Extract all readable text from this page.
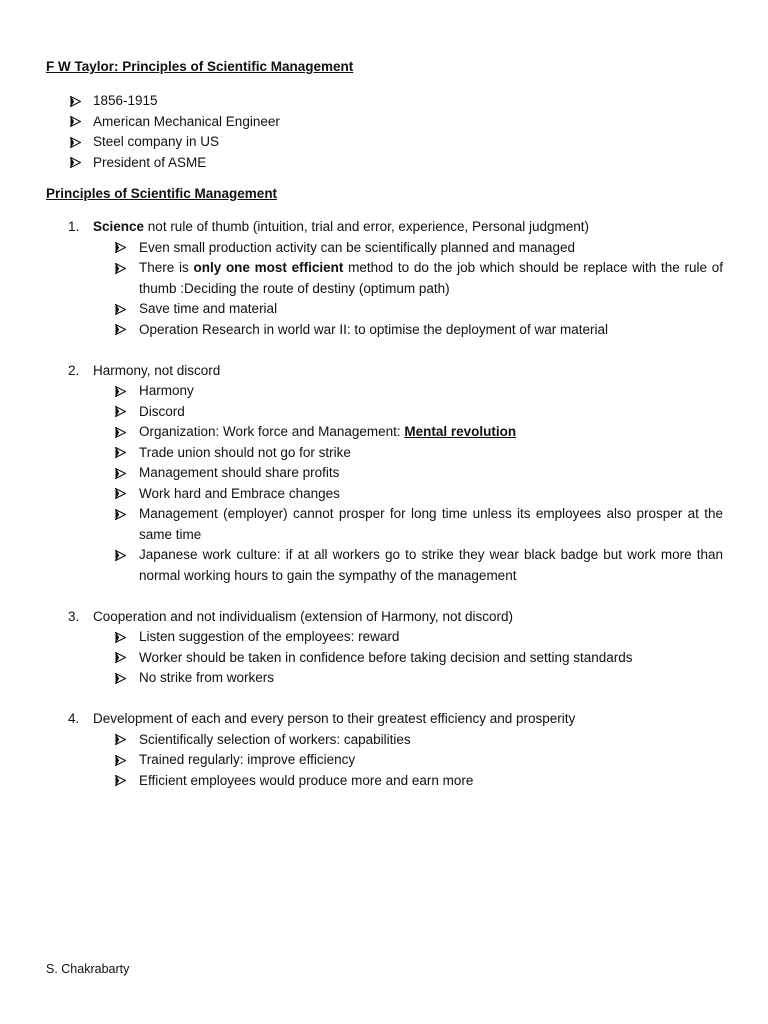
F W Taylor: Principles of Scientific Management
1856-1915
American Mechanical Engineer
Steel company in US
President of ASME
Principles of Scientific Management
1. Science not rule of thumb (intuition, trial and error, experience, Personal judgment)
Even small production activity can be scientifically planned and managed
There is only one most efficient method to do the job which should be replace with the rule of thumb :Deciding the route of destiny (optimum path)
Save time and material
Operation Research in world war II: to optimise the deployment of war material
2. Harmony, not discord
Harmony
Discord
Organization: Work force and Management: Mental revolution
Trade union should not go for strike
Management should share profits
Work hard and Embrace changes
Management (employer) cannot prosper for long time unless its employees also prosper at the same time
Japanese work culture: if at all workers go to strike they wear black badge but work more than normal working hours to gain the sympathy of the management
3. Cooperation and not individualism (extension of Harmony, not discord)
Listen suggestion of the employees: reward
Worker should be taken in confidence before taking decision and setting standards
No strike from workers
4. Development of each and every person to their greatest efficiency and prosperity
Scientifically selection of workers: capabilities
Trained regularly: improve efficiency
Efficient employees would produce more and earn more
S. Chakrabarty
